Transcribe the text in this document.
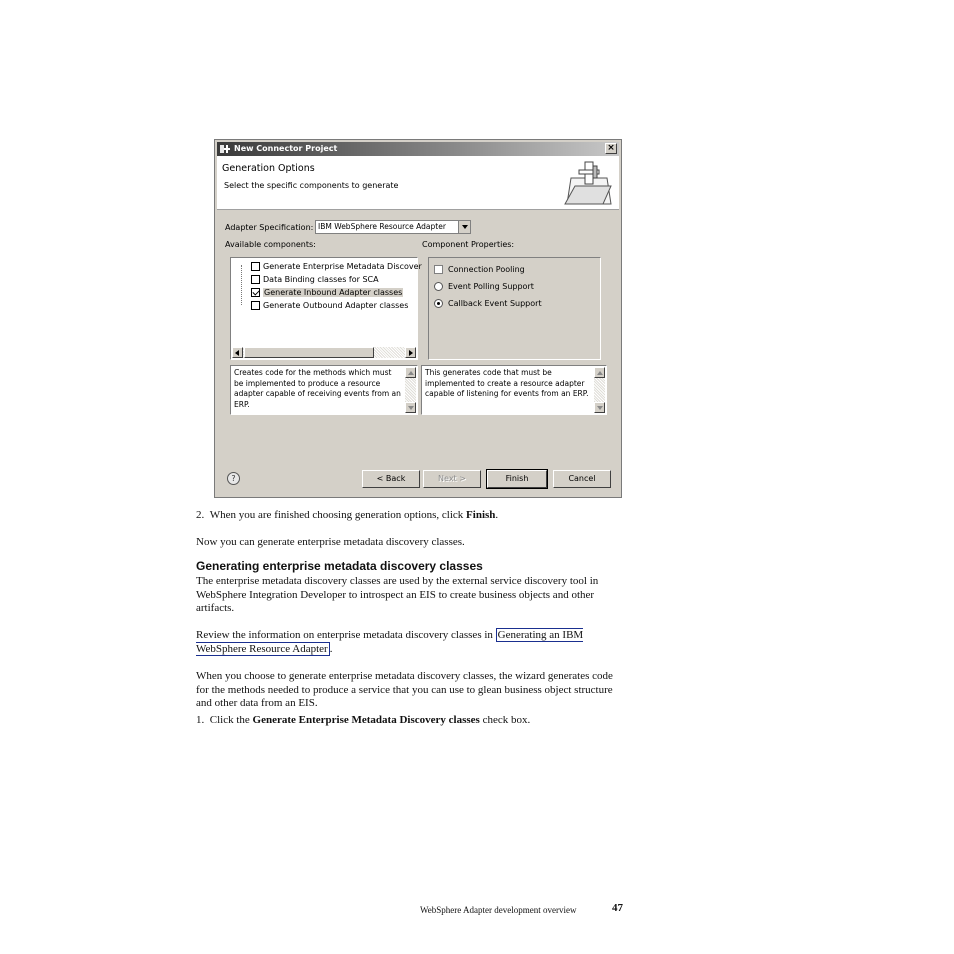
New Connector Project	×
Generation Options
Select the specific components to generate
Adapter Specification: IBM WebSphere Resource Adapter
Available components:	Component Properties:
Generate Enterprise Metadata Discover
Data Binding classes for SCA
Generate Inbound Adapter classes
Generate Outbound Adapter classes
Connection Pooling
Event Polling Support
Callback Event Support
Creates code for the methods which must be implemented to produce a resource adapter capable of receiving events from an ERP.
This generates code that must be implemented to create a resource adapter capable of listening for events from an ERP.
?	< Back	Next >	Finish	Cancel
2. When you are finished choosing generation options, click Finish.
Now you can generate enterprise metadata discovery classes.
Generating enterprise metadata discovery classes
The enterprise metadata discovery classes are used by the external service discovery tool in WebSphere Integration Developer to introspect an EIS to create business objects and other artifacts.
Review the information on enterprise metadata discovery classes in Generating an IBM WebSphere Resource Adapter .
When you choose to generate enterprise metadata discovery classes, the wizard generates code for the methods needed to produce a service that you can use to glean business object structure and other data from an EIS.
1. Click the Generate Enterprise Metadata Discovery classes check box.
WebSphere Adapter development overview	47
